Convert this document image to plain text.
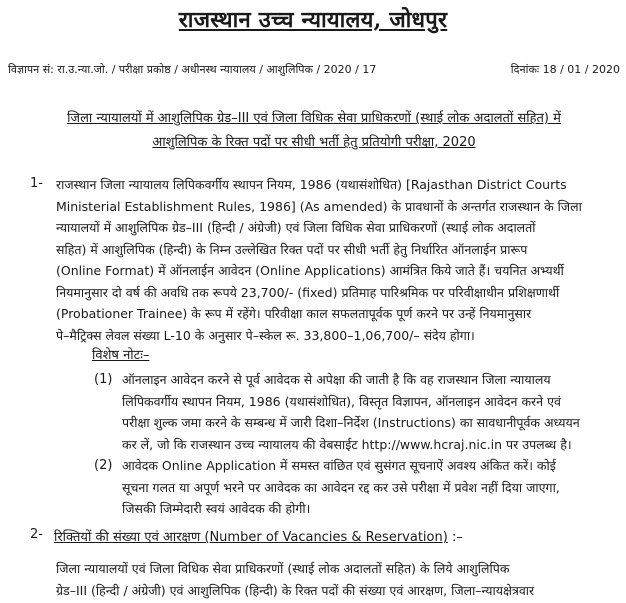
राजस्थान उच्च न्यायालय, जोधपुर
विज्ञापन सं: रा.उ.न्या.जो. / परीक्षा प्रकोष्ठ / अधीनस्थ न्यायालय / आशुलिपिक / 2020 / 17	दिनांकः 18 / 01 / 2020
जिला न्यायालयों में आशुलिपिक ग्रेड–III एवं जिला विधिक सेवा प्राधिकरणों (स्थाई लोक अदालतों सहित) में
आशुलिपिक के रिक्त पदों पर सीधी भर्ती हेतु प्रतियोगी परीक्षा, 2020
1- राजस्थान जिला न्यायालय लिपिकवर्गीय स्थापन नियम, 1986 (यथासंशोधित) [Rajasthan District Courts
Ministerial Establishment Rules, 1986] (As amended) के प्रावधानों के अन्तर्गत राजस्थान के जिला
न्यायालयों में आशुलिपिक ग्रेड–III (हिन्दी / अंग्रेजी) एवं जिला विधिक सेवा प्राधिकरणों (स्थाई लोक अदालतों
सहित) में आशुलिपिक (हिन्दी) के निम्न उल्लेखित रिक्त पदों पर सीधी भर्ती हेतु निर्धारित ऑनलाईन प्रारूप
(Online Format) में ऑनलाईन आवेदन (Online Applications) आमंत्रित किये जाते हैं। चयनित अभ्यर्थी
नियमानुसार दो वर्ष की अवधि तक रूपये 23,700/- (fixed) प्रतिमाह पारिश्रमिक पर परिवीक्षाधीन प्रशिक्षणार्थी
(Probationer Trainee) के रूप में रहेंगे। परिवीक्षा काल सफलतापूर्वक पूर्ण करने पर उन्हें नियमानुसार
पे–मैट्रिक्स लेवल संख्या L-10 के अनुसार पे–स्केल रू. 33,800–1,06,700/– संदेय होगा।
विशेष नोटः–
(1) ऑनलाइन आवेदन करने से पूर्व आवेदक से अपेक्षा की जाती है कि वह राजस्थान जिला न्यायालय
लिपिकवर्गीय स्थापन नियम, 1986 (यथासंशोधित), विस्तृत विज्ञापन, ऑनलाइन आवेदन करने एवं
परीक्षा शुल्क जमा करने के सम्बन्ध में जारी दिशा–निर्देश (Instructions) का सावधानीपूर्वक अध्ययन
कर लें, जो कि राजस्थान उच्च न्यायालय की वेबसाईट http://www.hcraj.nic.in पर उपलब्ध है।
(2) आवेदक Online Application में समस्त वांछित एवं सुसंगत सूचनाऐं अवश्य अंकित करें। कोई
सूचना गलत या अपूर्ण भरने पर आवेदक का आवेदन रद्द कर उसे परीक्षा में प्रवेश नहीं दिया जाएगा,
जिसकी जिम्मेदारी स्वयं आवेदक की होगी।
2- रिक्तियों की संख्या एवं आरक्षण (Number of Vacancies & Reservation) :–
जिला न्यायालयों एवं जिला विधिक सेवा प्राधिकरणों (स्थाई लोक अदालतों सहित) के लिये आशुलिपिक
ग्रेड–III (हिन्दी / अंग्रेजी) एवं आशुलिपिक (हिन्दी) के रिक्त पदों की संख्या एवं आरक्षण, जिला–न्यायक्षेत्रवार
